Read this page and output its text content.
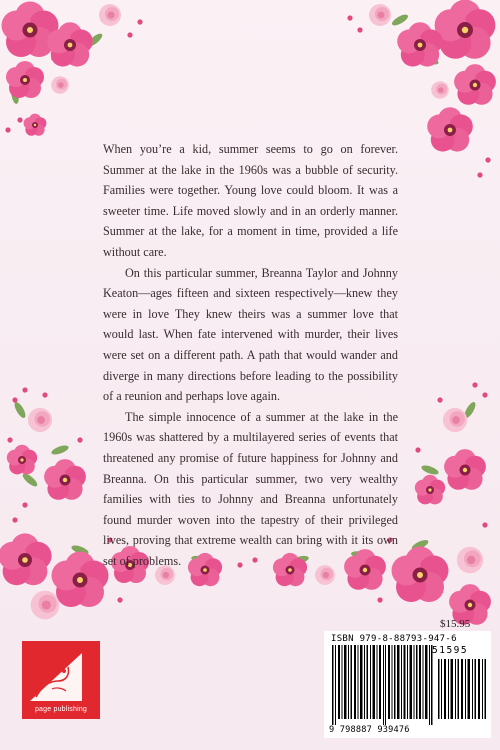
When you’re a kid, summer seems to go on forever. Summer at the lake in the 1960s was a bubble of security. Families were together. Young love could bloom. It was a sweeter time. Life moved slowly and in an orderly manner. Summer at the lake, for a moment in time, provided a life without care.

On this particular summer, Breanna Taylor and Johnny Keaton—ages fifteen and sixteen respectively—knew they were in love They knew theirs was a summer love that would last. When fate intervened with murder, their lives were set on a different path. A path that would wander and diverge in many directions before leading to the possibility of a reunion and perhaps love again.

The simple innocence of a summer at the lake in the 1960s was shattered by a multilayered series of events that threatened any promise of future happiness for Johnny and Breanna. On this particular summer, two very wealthy families with ties to Johnny and Breanna unfortunately found murder woven into the tapestry of their privileged lives, proving that extreme wealth can bring with it its own set of problems.

page publishing
$15.95
ISBN 979-8-88793-947-6
51595
9 798887 939476
